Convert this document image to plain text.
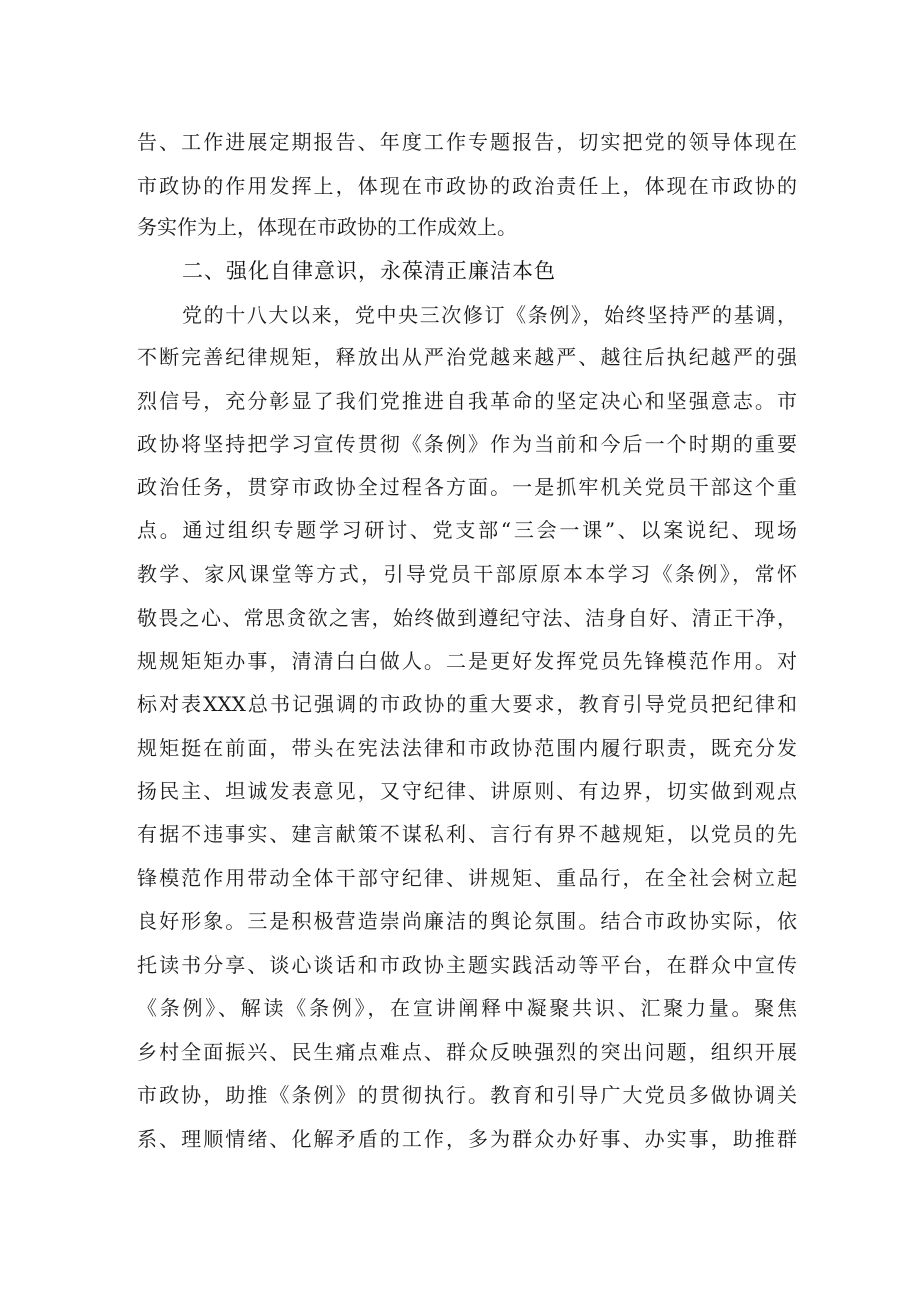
告、工作进展定期报告、年度工作专题报告，切实把党的领导体现在
市政协的作用发挥上，体现在市政协的政治责任上，体现在市政协的
务实作为上，体现在市政协的工作成效上。
二、强化自律意识，永葆清正廉洁本色
党的十八大以来，党中央三次修订《条例》，始终坚持严的基调，
不断完善纪律规矩，释放出从严治党越来越严、越往后执纪越严的强
烈信号，充分彰显了我们党推进自我革命的坚定决心和坚强意志。市
政协将坚持把学习宣传贯彻《条例》作为当前和今后一个时期的重要
政治任务，贯穿市政协全过程各方面。一是抓牢机关党员干部这个重
点。通过组织专题学习研讨、党支部“三会一课”、以案说纪、现场
教学、家风课堂等方式，引导党员干部原原本本学习《条例》，常怀
敬畏之心、常思贪欲之害，始终做到遵纪守法、洁身自好、清正干净，
规规矩矩办事，清清白白做人。二是更好发挥党员先锋模范作用。对
标对表XXX总书记强调的市政协的重大要求，教育引导党员把纪律和
规矩挺在前面，带头在宪法法律和市政协范围内履行职责，既充分发
扬民主、坦诚发表意见，又守纪律、讲原则、有边界，切实做到观点
有据不违事实、建言献策不谋私利、言行有界不越规矩，以党员的先
锋模范作用带动全体干部守纪律、讲规矩、重品行，在全社会树立起
良好形象。三是积极营造崇尚廉洁的舆论氛围。结合市政协实际，依
托读书分享、谈心谈话和市政协主题实践活动等平台，在群众中宣传
《条例》、解读《条例》，在宣讲阐释中凝聚共识、汇聚力量。聚焦
乡村全面振兴、民生痛点难点、群众反映强烈的突出问题，组织开展
市政协，助推《条例》的贯彻执行。教育和引导广大党员多做协调关
系、理顺情绪、化解矛盾的工作，多为群众办好事、办实事，助推群
